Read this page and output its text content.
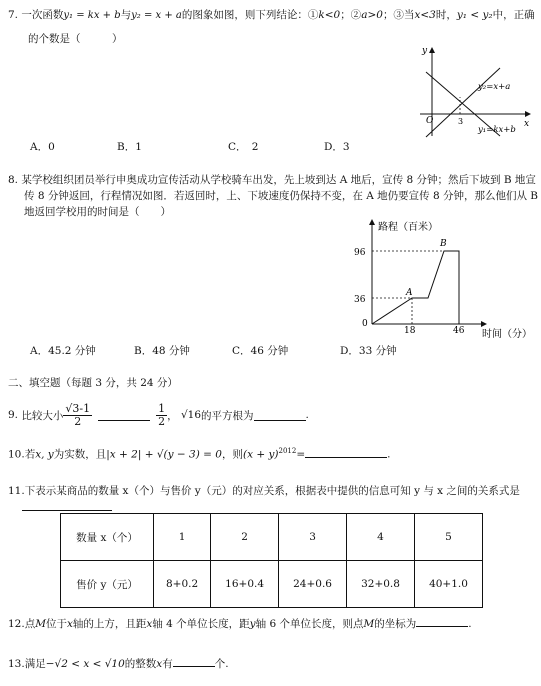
7. 一次函数y₁ = kx + b与y₂ = x + a的图象如图，则下列结论：①k<0；②a>0；③当x<3时，y₁ < y₂中，正确
的个数是（　　　）
y
x
O	3
y₂=x+a
y₁=kx+b
A．0	B．1	C．　2	D．3
8. 某学校组织团员举行申奥成功宣传活动从学校骑车出发，先上坡到达 A 地后，宣传 8 分钟；然后下坡到 B 地宣
传 8 分钟返回，行程情况如图．若返回时，上、下坡速度仍保持不变，在 A 地仍要宣传 8 分钟，那么他们从 B
地返回学校用的时间是（　　）
路程（百米）
时间（分）
96
36
0
18	46
A
B
A．45.2 分钟	B．48 分钟	C．46 分钟	D．33 分钟
二、填空题（每题 3 分，共 24 分）
9.
比较大小 $\frac{√3-1}{2}$	$\frac{1}{2}$ ， √16 的平方根为	.
10.若x, y为实数，且|x + 2| + √(y − 3) = 0，则$(x + y)^{2012}=$	.
11.下表示某商品的数量 x（个）与售价 y（元）的对应关系，根据表中提供的信息可知 y 与 x 之间的关系式是
数量 x（个）	1	2	3	4	5
售价 y（元）	8+0.2	16+0.4	24+0.6	32+0.8	40+1.0
12.点M位于x轴的上方，且距x轴 4 个单位长度，距y轴 6 个单位长度，则点M的坐标为	.
13.满足−√2 < x < √10的整数x有	个.
